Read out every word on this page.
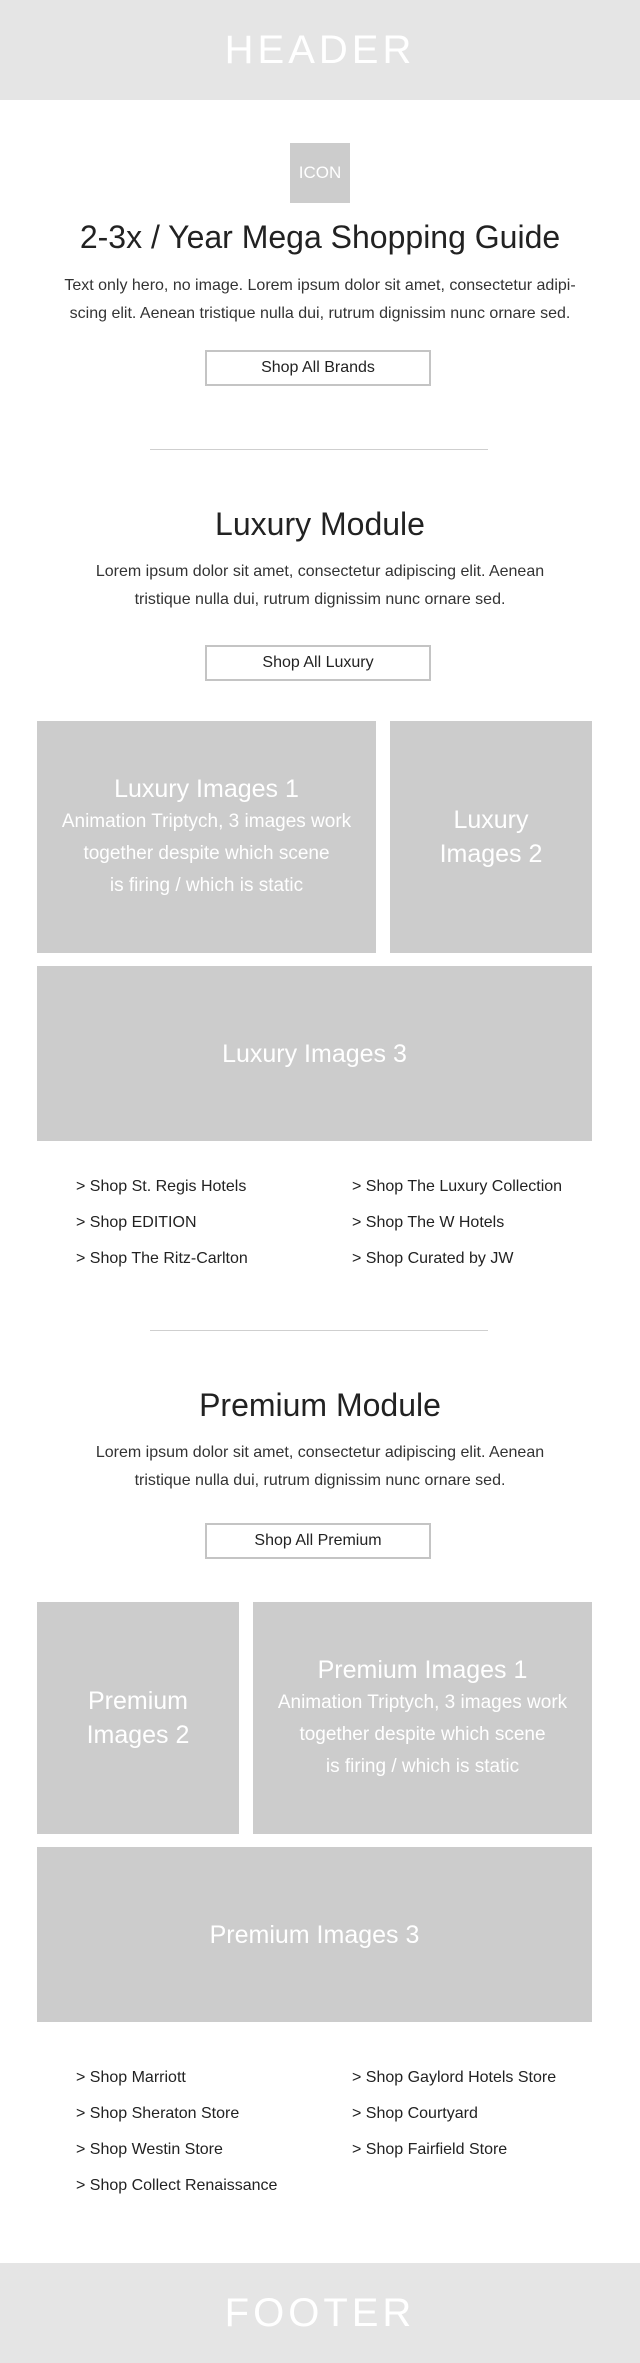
HEADER
ICON
2-3x / Year Mega Shopping Guide
Text only hero, no image. Lorem ipsum dolor sit amet, consectetur adipi-
scing elit. Aenean tristique nulla dui, rutrum dignissim nunc ornare sed.
Shop All Brands
Luxury Module
Lorem ipsum dolor sit amet, consectetur adipiscing elit. Aenean
tristique nulla dui, rutrum dignissim nunc ornare sed.
Shop All Luxury
Luxury Images 1
Animation Triptych, 3 images work
together despite which scene
is firing / which is static
Luxury
Images 2
Luxury Images 3
> Shop St. Regis Hotels	> Shop The Luxury Collection
> Shop EDITION	> Shop The W Hotels
> Shop The Ritz-Carlton	> Shop Curated by JW
Premium Module
Lorem ipsum dolor sit amet, consectetur adipiscing elit. Aenean
tristique nulla dui, rutrum dignissim nunc ornare sed.
Shop All Premium
Premium
Images 2
Premium Images 1
Animation Triptych, 3 images work
together despite which scene
is firing / which is static
Premium Images 3
> Shop Marriott	> Shop Gaylord Hotels Store
> Shop Sheraton Store	> Shop Courtyard
> Shop Westin Store	> Shop Fairfield Store
> Shop Collect Renaissance
FOOTER
